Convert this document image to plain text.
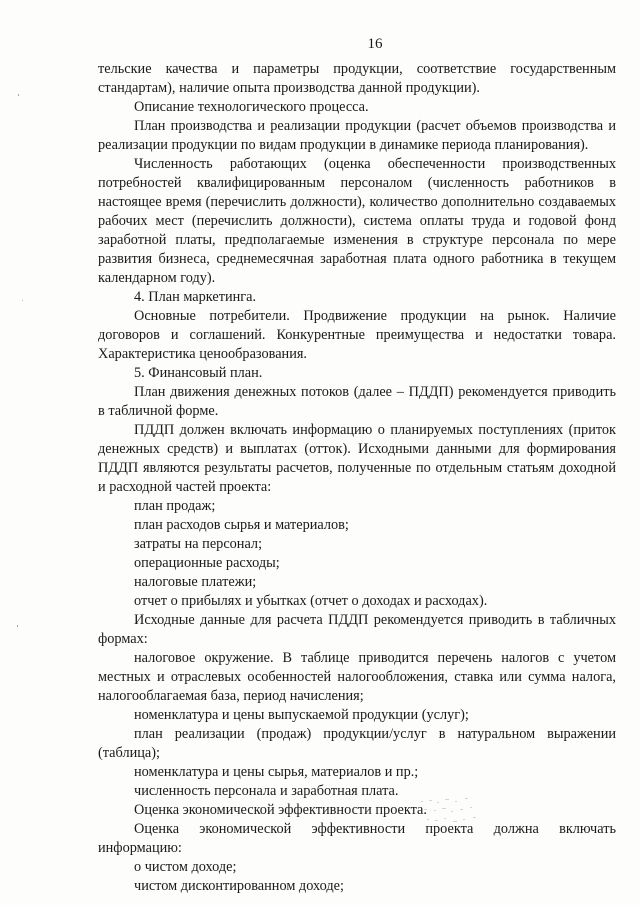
16

тельские качества и параметры продукции, соответствие государственным стандартам), наличие опыта производства данной продукции).

Описание технологического процесса.

План производства и реализации продукции (расчет объемов производства и реализации продукции по видам продукции в динамике периода планирования).

Численность работающих (оценка обеспеченности производственных потребностей квалифицированным персоналом (численность работников в настоящее время (перечислить должности), количество дополнительно создаваемых рабочих мест (перечислить должности), система оплаты труда и годовой фонд заработной платы, предполагаемые изменения в структуре персонала по мере развития бизнеса, среднемесячная заработная плата одного работника в текущем календарном году).

4. План маркетинга.

Основные потребители. Продвижение продукции на рынок. Наличие договоров и соглашений. Конкурентные преимущества и недостатки товара. Характеристика ценообразования.

5. Финансовый план.

План движения денежных потоков (далее – ПДДП) рекомендуется приводить в табличной форме.

ПДДП должен включать информацию о планируемых поступлениях (приток денежных средств) и выплатах (отток). Исходными данными для формирования ПДДП являются результаты расчетов, полученные по отдельным статьям доходной и расходной частей проекта:

план продаж;

план расходов сырья и материалов;

затраты на персонал;

операционные расходы;

налоговые платежи;

отчет о прибылях и убытках (отчет о доходах и расходах).

Исходные данные для расчета ПДДП рекомендуется приводить в табличных формах:

налоговое окружение. В таблице приводится перечень налогов с учетом местных и отраслевых особенностей налогообложения, ставка или сумма налога, налогооблагаемая база, период начисления;

номенклатура и цены выпускаемой продукции (услуг);

план реализации (продаж) продукции/услуг в натуральном выражении (таблица);

номенклатура и цены сырья, материалов и пр.;

численность персонала и заработная плата.

Оценка экономической эффективности проекта.

Оценка экономической эффективности проекта должна включать информацию:

о чистом доходе;

чистом дисконтированном доходе;
